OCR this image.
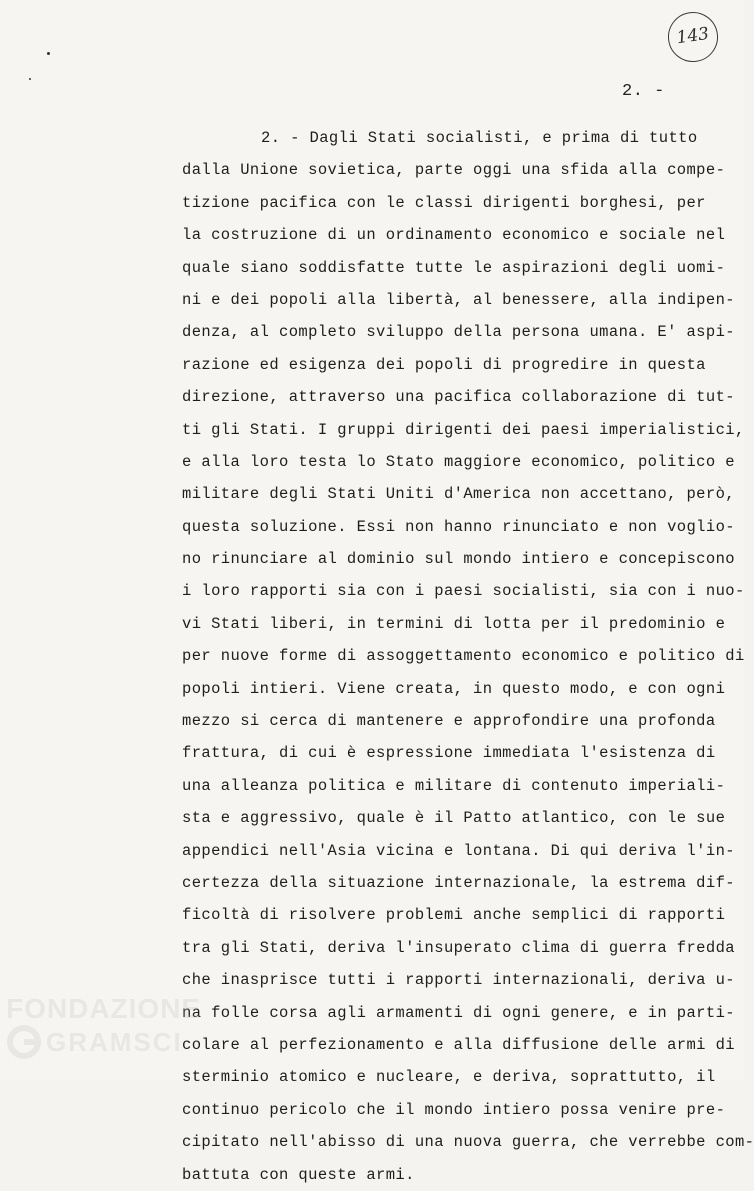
143
2. -
2. - Dagli Stati socialisti, e prima di tutto
dalla Unione sovietica, parte oggi una sfida alla compe-
tizione pacifica con le classi dirigenti borghesi, per
la costruzione di un ordinamento economico e sociale nel
quale siano soddisfatte tutte le aspirazioni degli uomi-
ni e dei popoli alla libertà, al benessere, alla indipen-
denza, al completo sviluppo della persona umana. E' aspi-
razione ed esigenza dei popoli di progredire in questa
direzione, attraverso una pacifica collaborazione di tut-
ti gli Stati. I gruppi dirigenti dei paesi imperialistici,
e alla loro testa lo Stato maggiore economico, politico e
militare degli Stati Uniti d'America non accettano, però,
questa soluzione. Essi non hanno rinunciato e non voglio-
no rinunciare al dominio sul mondo intiero e concepiscono
i loro rapporti sia con i paesi socialisti, sia con i nuo-
vi Stati liberi, in termini di lotta per il predominio e
per nuove forme di assoggettamento economico e politico di
popoli intieri. Viene creata, in questo modo, e con ogni
mezzo si cerca di mantenere e approfondire una profonda
frattura, di cui è espressione immediata l'esistenza di
una alleanza politica e militare di contenuto imperiali-
sta e aggressivo, quale è il Patto atlantico, con le sue
appendici nell'Asia vicina e lontana. Di qui deriva l'in-
certezza della situazione internazionale, la estrema dif-
ficoltà di risolvere problemi anche semplici di rapporti
tra gli Stati, deriva l'insuperato clima di guerra fredda
che inasprisce tutti i rapporti internazionali, deriva u-
na folle corsa agli armamenti di ogni genere, e in parti-
colare al perfezionamento e alla diffusione delle armi di
sterminio atomico e nucleare, e deriva, soprattutto, il
continuo pericolo che il mondo intiero possa venire pre-
cipitato nell'abisso di una nuova guerra, che verrebbe com-
battuta con queste armi.
FONDAZIONE
GRAMSCI
